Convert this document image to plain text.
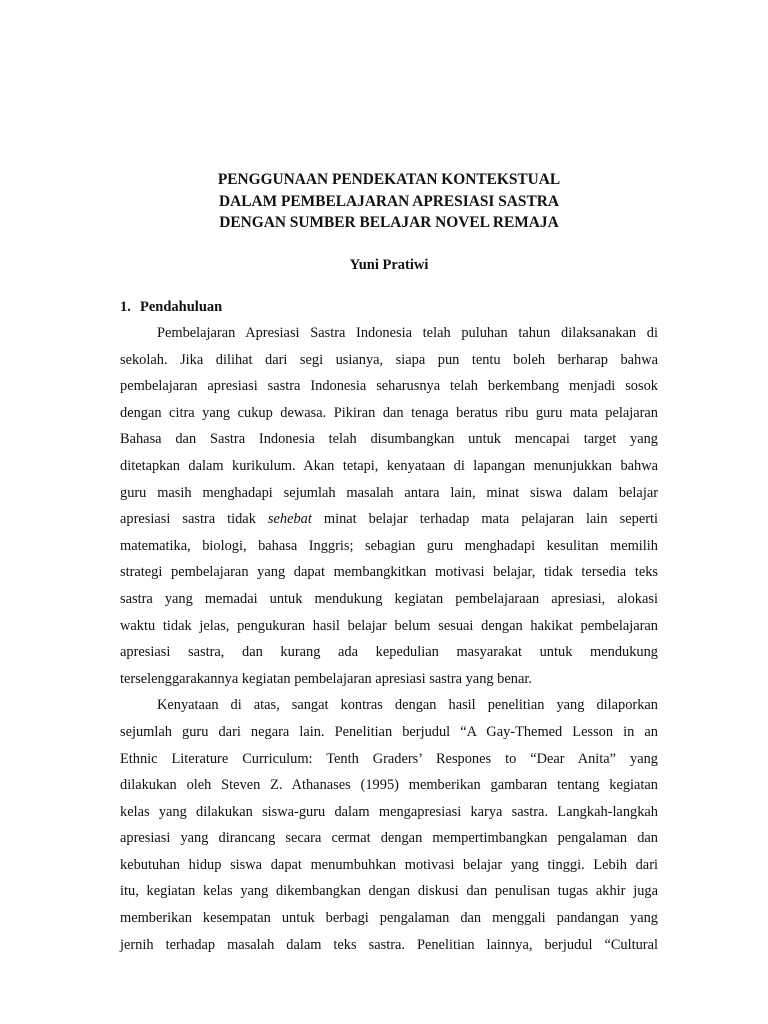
PENGGUNAAN PENDEKATAN KONTEKSTUAL
DALAM PEMBELAJARAN APRESIASI SASTRA
DENGAN SUMBER BELAJAR NOVEL REMAJA
Yuni Pratiwi
1. Pendahuluan
Pembelajaran Apresiasi Sastra Indonesia telah puluhan tahun dilaksanakan di
sekolah. Jika dilihat dari segi usianya, siapa pun tentu boleh berharap bahwa
pembelajaran apresiasi sastra Indonesia seharusnya telah berkembang menjadi sosok
dengan citra yang cukup dewasa. Pikiran dan tenaga beratus ribu guru mata pelajaran
Bahasa dan Sastra Indonesia telah disumbangkan untuk mencapai target yang
ditetapkan dalam kurikulum. Akan tetapi, kenyataan di lapangan menunjukkan bahwa
guru masih menghadapi sejumlah masalah antara lain, minat siswa dalam belajar
apresiasi sastra tidak sehebat minat belajar terhadap mata pelajaran lain seperti
matematika, biologi, bahasa Inggris; sebagian guru menghadapi kesulitan memilih
strategi pembelajaran yang dapat membangkitkan motivasi belajar, tidak tersedia teks
sastra yang memadai untuk mendukung kegiatan pembelajaraan apresiasi, alokasi
waktu tidak jelas, pengukuran hasil belajar belum sesuai dengan hakikat pembelajaran
apresiasi sastra, dan kurang ada kepedulian masyarakat untuk mendukung
terselenggarakannya kegiatan pembelajaran apresiasi sastra yang benar.
Kenyataan di atas, sangat kontras dengan hasil penelitian yang dilaporkan
sejumlah guru dari negara lain. Penelitian berjudul “A Gay-Themed Lesson in an
Ethnic Literature Curriculum: Tenth Graders’ Respones to “Dear Anita” yang
dilakukan oleh Steven Z. Athanases (1995) memberikan gambaran tentang kegiatan
kelas yang dilakukan siswa-guru dalam mengapresiasi karya sastra. Langkah-langkah
apresiasi yang dirancang secara cermat dengan mempertimbangkan pengalaman dan
kebutuhan hidup siswa dapat menumbuhkan motivasi belajar yang tinggi. Lebih dari
itu, kegiatan kelas yang dikembangkan dengan diskusi dan penulisan tugas akhir juga
memberikan kesempatan untuk berbagi pengalaman dan menggali pandangan yang
jernih terhadap masalah dalam teks sastra. Penelitian lainnya, berjudul “Cultural
